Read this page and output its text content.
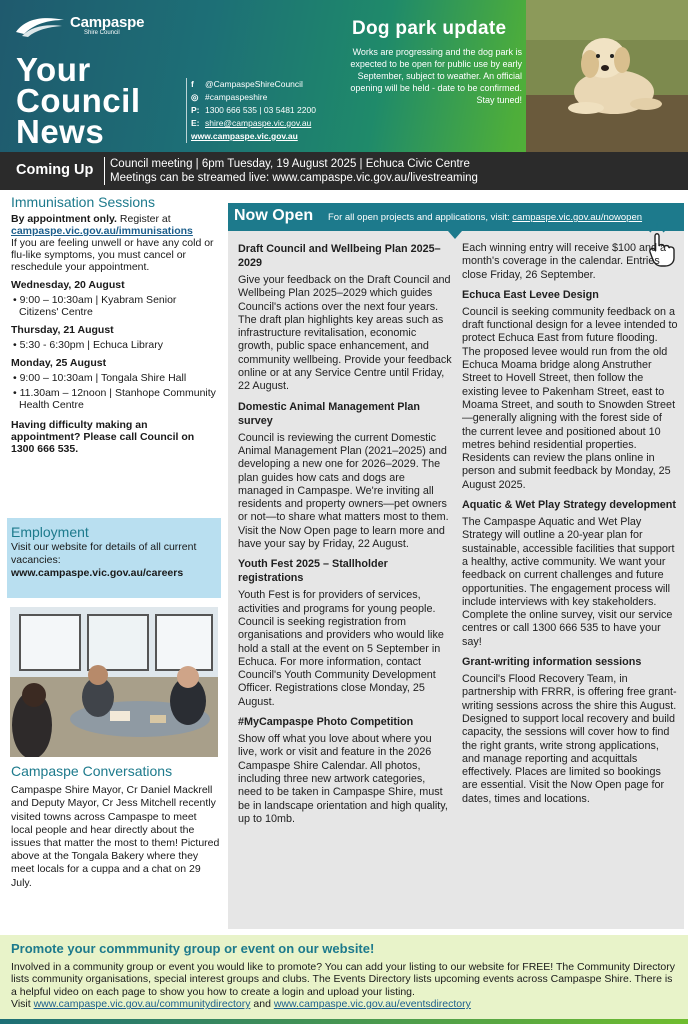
Campaspe
Shire Council
Your
Council
News
f	@CampaspeShireCouncil
◎ #campaspeshire
P: 1300 666 535 | 03 5481 2200
E: shire@campaspe.vic.gov.au
www.campaspe.vic.gov.au
Dog park update

Works are progressing and the dog park is expected to be open for public use by early September, subject to weather. An official opening will be held - date to be confirmed. Stay tuned!

Coming Up Council meeting | 6pm Tuesday, 19 August 2025 | Echuca Civic Centre
Meetings can be streamed live: www.campaspe.vic.gov.au/livestreaming
Immunisation Sessions
By appointment only. Register at
campaspe.vic.gov.au/immunisations
If you are feeling unwell or have any cold or flu-like symptoms, you must cancel or reschedule your appointment.
Wednesday, 20 August
• 9:00 – 10:30am | Kyabram Senior Citizens' Centre
Thursday, 21 August
• 5:30 - 6:30pm | Echuca Library
Monday, 25 August
• 9:00 – 10:30am | Tongala Shire Hall
• 11.30am – 12noon | Stanhope Community Health Centre
Having difficulty making an appointment? Please call Council on 1300 666 535.
Employment
Visit our website for details of all current vacancies:
www.campaspe.vic.gov.au/careers
Campaspe Conversations

Campaspe Shire Mayor, Cr Daniel Mackrell and Deputy Mayor, Cr Jess Mitchell recently visited towns across Campaspe to meet local people and hear directly about the issues that matter the most to them! Pictured above at the Tongala Bakery where they meet locals for a cuppa and a chat on 29 July.

Now Open For all open projects and applications, visit: campaspe.vic.gov.au/nowopen
Draft Council and Wellbeing Plan 2025–2029

Give your feedback on the Draft Council and Wellbeing Plan 2025–2029 which guides Council's actions over the next four years. The draft plan highlights key areas such as infrastructure revitalisation, economic growth, public space enhancement, and community wellbeing. Provide your feedback online or at any Service Centre until Friday, 22 August.

Domestic Animal Management Plan survey

Council is reviewing the current Domestic Animal Management Plan (2021–2025) and developing a new one for 2026–2029. The plan guides how cats and dogs are managed in Campaspe. We're inviting all residents and property owners—pet owners or not—to share what matters most to them. Visit the Now Open page to learn more and have your say by Friday, 22 August.

Youth Fest 2025 – Stallholder registrations

Youth Fest is for providers of services, activities and programs for young people. Council is seeking registration from organisations and providers who would like hold a stall at the event on 5 September in Echuca. For more information, contact Council's Youth Community Development Officer. Registrations close Monday, 25 August.

#MyCampaspe Photo Competition

Show off what you love about where you live, work or visit and feature in the 2026 Campaspe Shire Calendar. All photos, including three new artwork categories, need to be taken in Campaspe Shire, must be in landscape orientation and high quality, up to 10mb.

Each winning entry will receive $100 and a month's coverage in the calendar. Entries close Friday, 26 September.

Echuca East Levee Design

Council is seeking community feedback on a draft functional design for a levee intended to protect Echuca East from future flooding. The proposed levee would run from the old Echuca Moama bridge along Anstruther Street to Hovell Street, then follow the existing levee to Pakenham Street, east to Moama Street, and south to Snowden Street—generally aligning with the forest side of the current levee and positioned about 10 metres behind residential properties. Residents can review the plans online in person and submit feedback by Monday, 25 August 2025.

Aquatic & Wet Play Strategy development

The Campaspe Aquatic and Wet Play Strategy will outline a 20-year plan for sustainable, accessible facilities that support a healthy, active community. We want your feedback on current challenges and future opportunities. The engagement process will include interviews with key stakeholders. Complete the online survey, visit our service centres or call 1300 666 535 to have your say!

Grant-writing information sessions

Council's Flood Recovery Team, in partnership with FRRR, is offering free grant-writing sessions across the shire this August. Designed to support local recovery and build capacity, the sessions will cover how to find the right grants, write strong applications, and manage reporting and acquittals effectively. Places are limited so bookings are essential. Visit the Now Open page for dates, times and locations.

Promote your commmunity group or event on our website!

Involved in a community group or event you would like to promote? You can add your listing to our website for FREE! The Community Directory lists community organisations, special interest groups and clubs. The Events Directory lists upcoming events across Campaspe Shire. There is a helpful video on each page to show you how to create a login and upload your listing.
Visit www.campaspe.vic.gov.au/communitydirectory and www.campaspe.vic.gov.au/eventsdirectory
